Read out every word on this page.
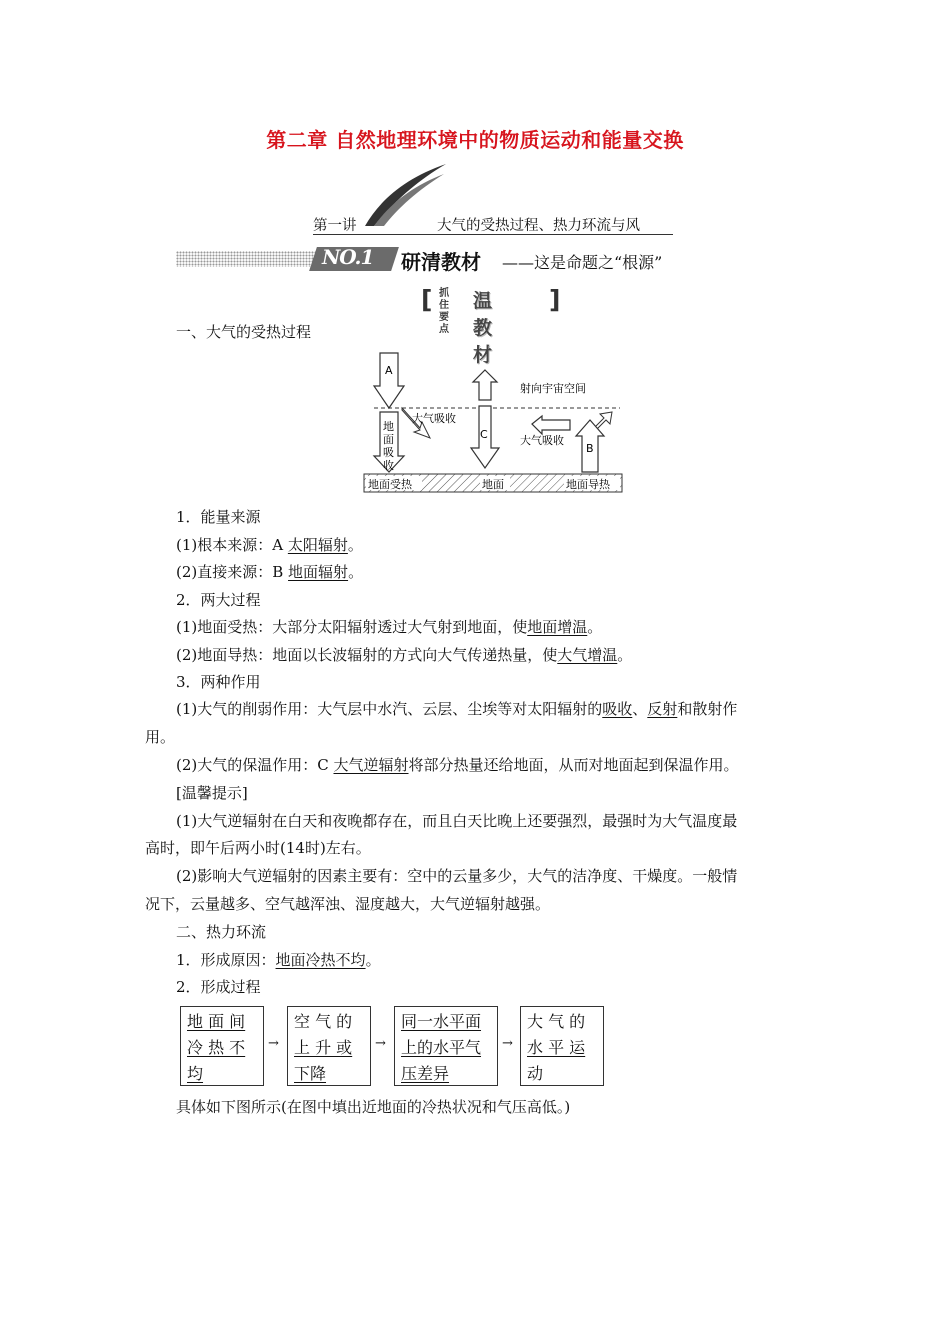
第二章 自然地理环境中的物质运动和能量交换
第一讲	大气的受热过程、热力环流与风
NO.1 研清教材 ——这是命题之“根源”
[ 抓住
要点
温教材
]
一、大气的受热过程
A
地
面
吸
收
大气吸收
C
射向宇宙空间
大气吸收
B
地面受热	地面	地面导热
1．能量来源
(1)根本来源：A 太阳辐射。
(2)直接来源：B 地面辐射。
2．两大过程
(1)地面受热：大部分太阳辐射透过大气射到地面，使地面增温。
(2)地面导热：地面以长波辐射的方式向大气传递热量，使大气增温。
3．两种作用
(1)大气的削弱作用：大气层中水汽、云层、尘埃等对太阳辐射的吸收、反射和散射作
用。
(2)大气的保温作用：C 大气逆辐射将部分热量还给地面，从而对地面起到保温作用。
[温馨提示]
(1)大气逆辐射在白天和夜晚都存在，而且白天比晚上还要强烈，最强时为大气温度最
高时，即午后两小时(14时)左右。
(2)影响大气逆辐射的因素主要有：空中的云量多少，大气的洁净度、干燥度。一般情
况下，云量越多、空气越浑浊、湿度越大，大气逆辐射越强。
二、热力环流
1．形成原因：地面冷热不均。
2．形成过程
地 面 间
冷 热 不
均
→
空 气 的
上 升 或
下降
→
同一水平面
上的水平气
压差异
→
大 气 的
水 平 运
动
具体如下图所示(在图中填出近地面的冷热状况和气压高低。)
